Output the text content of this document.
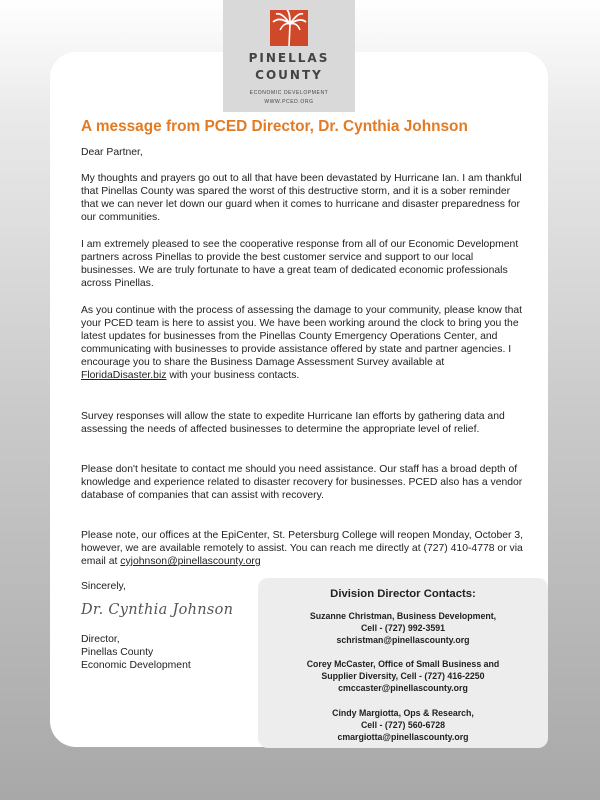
PINELLAS
COUNTY
ECONOMIC DEVELOPMENT
WWW.PCED.ORG
A message from PCED Director, Dr. Cynthia Johnson
Dear Partner,
My thoughts and prayers go out to all that have been devastated by Hurricane Ian. I am thankful that Pinellas County was spared the worst of this destructive storm, and it is a sober reminder that we can never let down our guard when it comes to hurricane and disaster preparedness for our communities.
I am extremely pleased to see the cooperative response from all of our Economic Development partners across Pinellas to provide the best customer service and support to our local businesses. We are truly fortunate to have a great team of dedicated economic professionals across Pinellas.
As you continue with the process of assessing the damage to your community, please know that your PCED team is here to assist you. We have been working around the clock to bring you the latest updates for businesses from the Pinellas County Emergency Operations Center, and communicating with businesses to provide assistance offered by state and partner agencies. I encourage you to share the Business Damage Assessment Survey available at FloridaDisaster.biz with your business contacts.
Survey responses will allow the state to expedite Hurricane Ian efforts by gathering data and assessing the needs of affected businesses to determine the appropriate level of relief.
Please don't hesitate to contact me should you need assistance. Our staff has a broad depth of knowledge and experience related to disaster recovery for businesses. PCED also has a vendor database of companies that can assist with recovery.
Please note, our offices at the EpiCenter, St. Petersburg College will reopen Monday, October 3, however, we are available remotely to assist. You can reach me directly at (727) 410-4778 or via email at cyjohnson@pinellascounty.org
Sincerely,
Dr. Cynthia Johnson
Director,
Pinellas County
Economic Development
Division Director Contacts:
Suzanne Christman, Business Development,
Cell - (727) 992-3591
schristman@pinellascounty.org
Corey McCaster, Office of Small Business and
Supplier Diversity, Cell - (727) 416-2250
cmccaster@pinellascounty.org
Cindy Margiotta, Ops & Research,
Cell - (727) 560-6728
cmargiotta@pinellascounty.org
